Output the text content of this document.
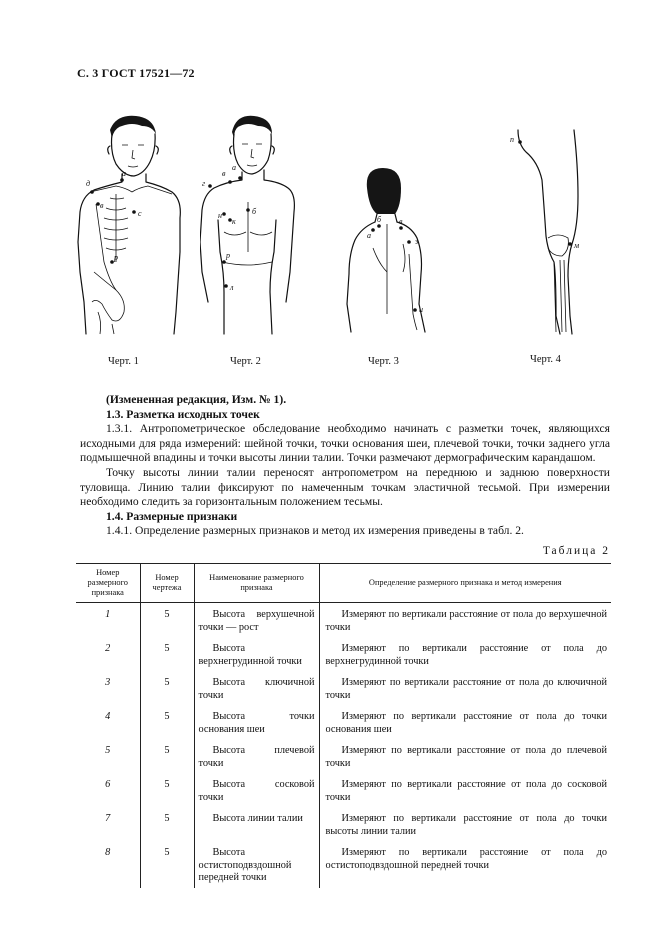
С. 3 ГОСТ 17521—72
а
д
в
с
р
Черт. 1
а
в
г
н
к
б
р
л
Черт. 2
а
б в
з
и
Черт. 3
п
м
Черт. 4

(Измененная редакция, Изм. № 1).

1.3. Разметка исходных точек

1.3.1. Антропометрическое обследование необходимо начинать с разметки точек, являющихся исходными для ряда измерений: шейной точки, точки основания шеи, плечевой точки, точки заднего угла подмышечной впадины и точки высоты линии талии. Точки размечают дермографическим карандашом.

Точку высоты линии талии переносят антропометром на переднюю и заднюю поверхности туловища. Линию талии фиксируют по намеченным точкам эластичной тесьмой. При измерении необходимо следить за горизонтальным положением тесьмы.

1.4. Размерные признаки

1.4.1. Определение размерных признаков и метод их измерения приведены в табл. 2.

Таблица 2
Номер размерного признака	Номер чертежа	Наименование размерного признака	Определение размерного признака и метод измерения
1	5	Высота верхушечной точки — рост	Измеряют по вертикали расстояние от пола до верхушечной точки
2	5	Высота верхнегрудинной точки	Измеряют по вертикали расстояние от пола до верхнегрудинной точки
3	5	Высота ключичной точки	Измеряют по вертикали расстояние от пола до ключичной точки
4	5	Высота точки основания шеи	Измеряют по вертикали расстояние от пола до точки основания шеи
5	5	Высота плечевой точки	Измеряют по вертикали расстояние от пола до плечевой точки
6	5	Высота сосковой точки	Измеряют по вертикали расстояние от пола до сосковой точки
7	5	Высота линии талии	Измеряют по вертикали расстояние от пола до точки высоты линии талии
8	5	Высота остистоподвздошной передней точки	Измеряют по вертикали расстояние от пола до остистоподвздошной передней точки
